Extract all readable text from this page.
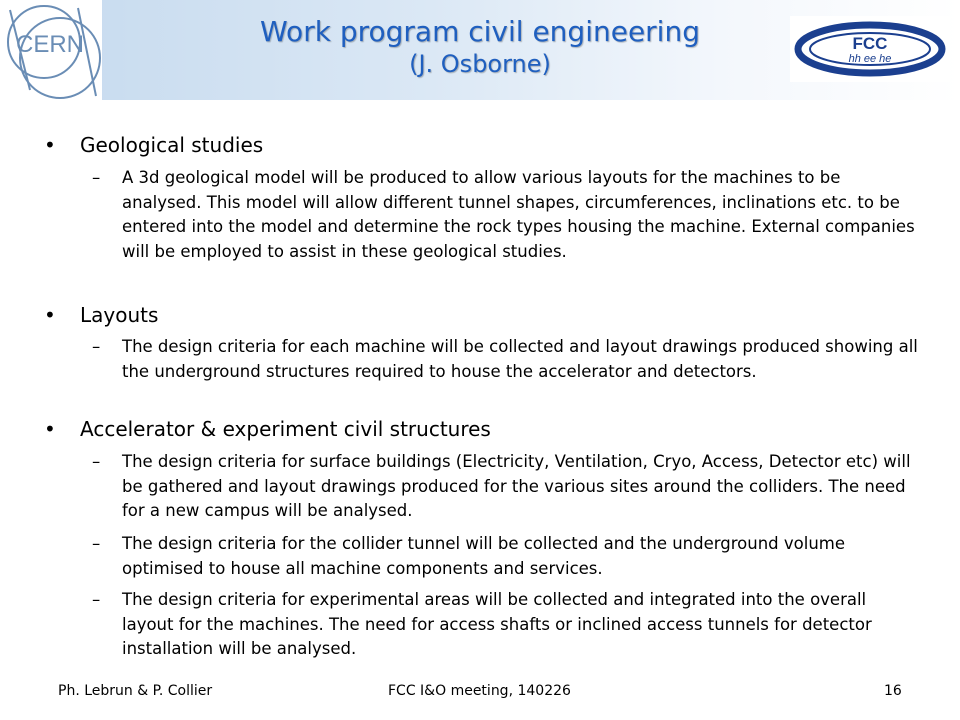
CERN	Work program civil engineering
(J. Osborne)
FCC
hh ee he
•	Geological studies
– A 3d geological model will be produced to allow various layouts for the machines to be analysed. This model will allow different tunnel shapes, circumferences, inclinations etc. to be entered into the model and determine the rock types housing the machine. External companies will be employed to assist in these geological studies.
•	Layouts
– The design criteria for each machine will be collected and layout drawings produced showing all the underground structures required to house the accelerator and detectors.
•	Accelerator & experiment civil structures
– The design criteria for surface buildings (Electricity, Ventilation, Cryo, Access, Detector etc) will be gathered and layout drawings produced for the various sites around the colliders. The need for a new campus will be analysed.
– The design criteria for the collider tunnel will be collected and the underground volume optimised to house all machine components and services.
– The design criteria for experimental areas will be collected and integrated into the overall layout for the machines. The need for access shafts or inclined access tunnels for detector installation will be analysed.
Ph. Lebrun & P. Collier	FCC I&O meeting, 140226	16
